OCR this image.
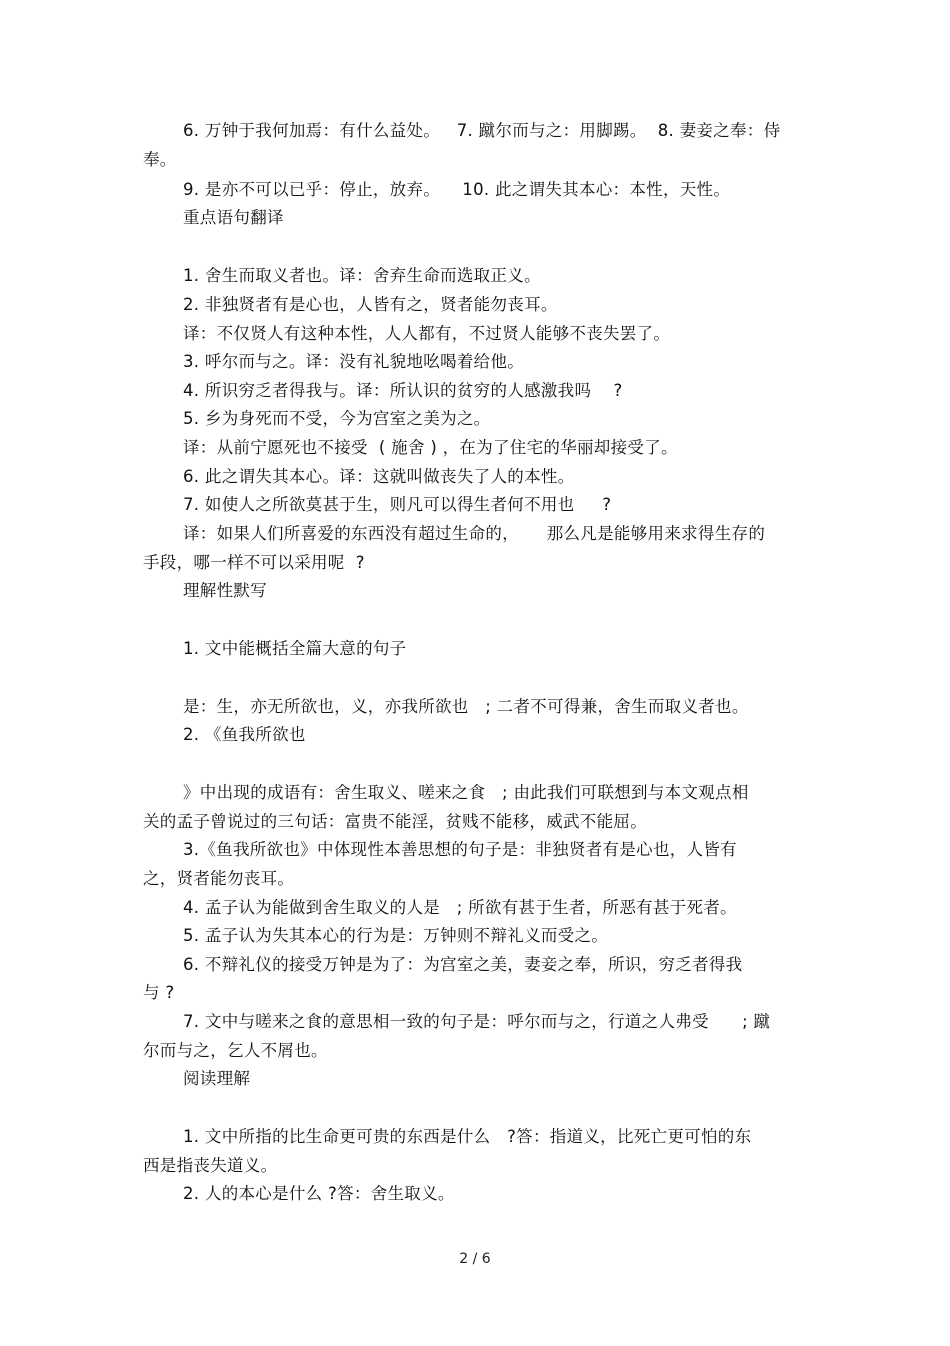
6. 万钟于我何加焉：有什么益处。   7. 蹴尔而与之：用脚踢。  8. 妻妾之奉：侍
奉。
9. 是亦不可以已乎：停止，放弃。    10. 此之谓失其本心：本性，天性。
重点语句翻译
1. 舍生而取义者也。译：舍弃生命而选取正义。
2. 非独贤者有是心也，人皆有之，贤者能勿丧耳。
译：不仅贤人有这种本性，人人都有，不过贤人能够不丧失罢了。
3. 呼尔而与之。译：没有礼貌地吆喝着给他。
4. 所识穷乏者得我与。译：所认识的贫穷的人感激我吗    ?
5. 乡为身死而不受，今为宫室之美为之。
译：从前宁愿死也不接受  ( 施舍 ) ，在为了住宅的华丽却接受了。
6. 此之谓失其本心。译：这就叫做丧失了人的本性。
7. 如使人之所欲莫甚于生，则凡可以得生者何不用也     ?
译：如果人们所喜爱的东西没有超过生命的，     那么凡是能够用来求得生存的
手段，哪一样不可以采用呢  ?
理解性默写
1. 文中能概括全篇大意的句子
是：生，亦无所欲也，义，亦我所欲也   ; 二者不可得兼，舍生而取义者也。
2. 《鱼我所欲也
》中出现的成语有：舍生取义、嗟来之食   ; 由此我们可联想到与本文观点相
关的孟子曾说过的三句话：富贵不能淫，贫贱不能移，威武不能屈。
3.《鱼我所欲也》中体现性本善思想的句子是：非独贤者有是心也，人皆有
之，贤者能勿丧耳。
4. 孟子认为能做到舍生取义的人是   ; 所欲有甚于生者，所恶有甚于死者。
5. 孟子认为失其本心的行为是：万钟则不辩礼义而受之。
6. 不辩礼仪的接受万钟是为了：为宫室之美，妻妾之奉，所识，穷乏者得我
与 ?
7. 文中与嗟来之食的意思相一致的句子是：呼尔而与之，行道之人弗受      ; 蹴
尔而与之，乞人不屑也。
阅读理解
1. 文中所指的比生命更可贵的东西是什么   ?答：指道义，比死亡更可怕的东
西是指丧失道义。
2. 人的本心是什么 ?答：舍生取义。
2 / 6
